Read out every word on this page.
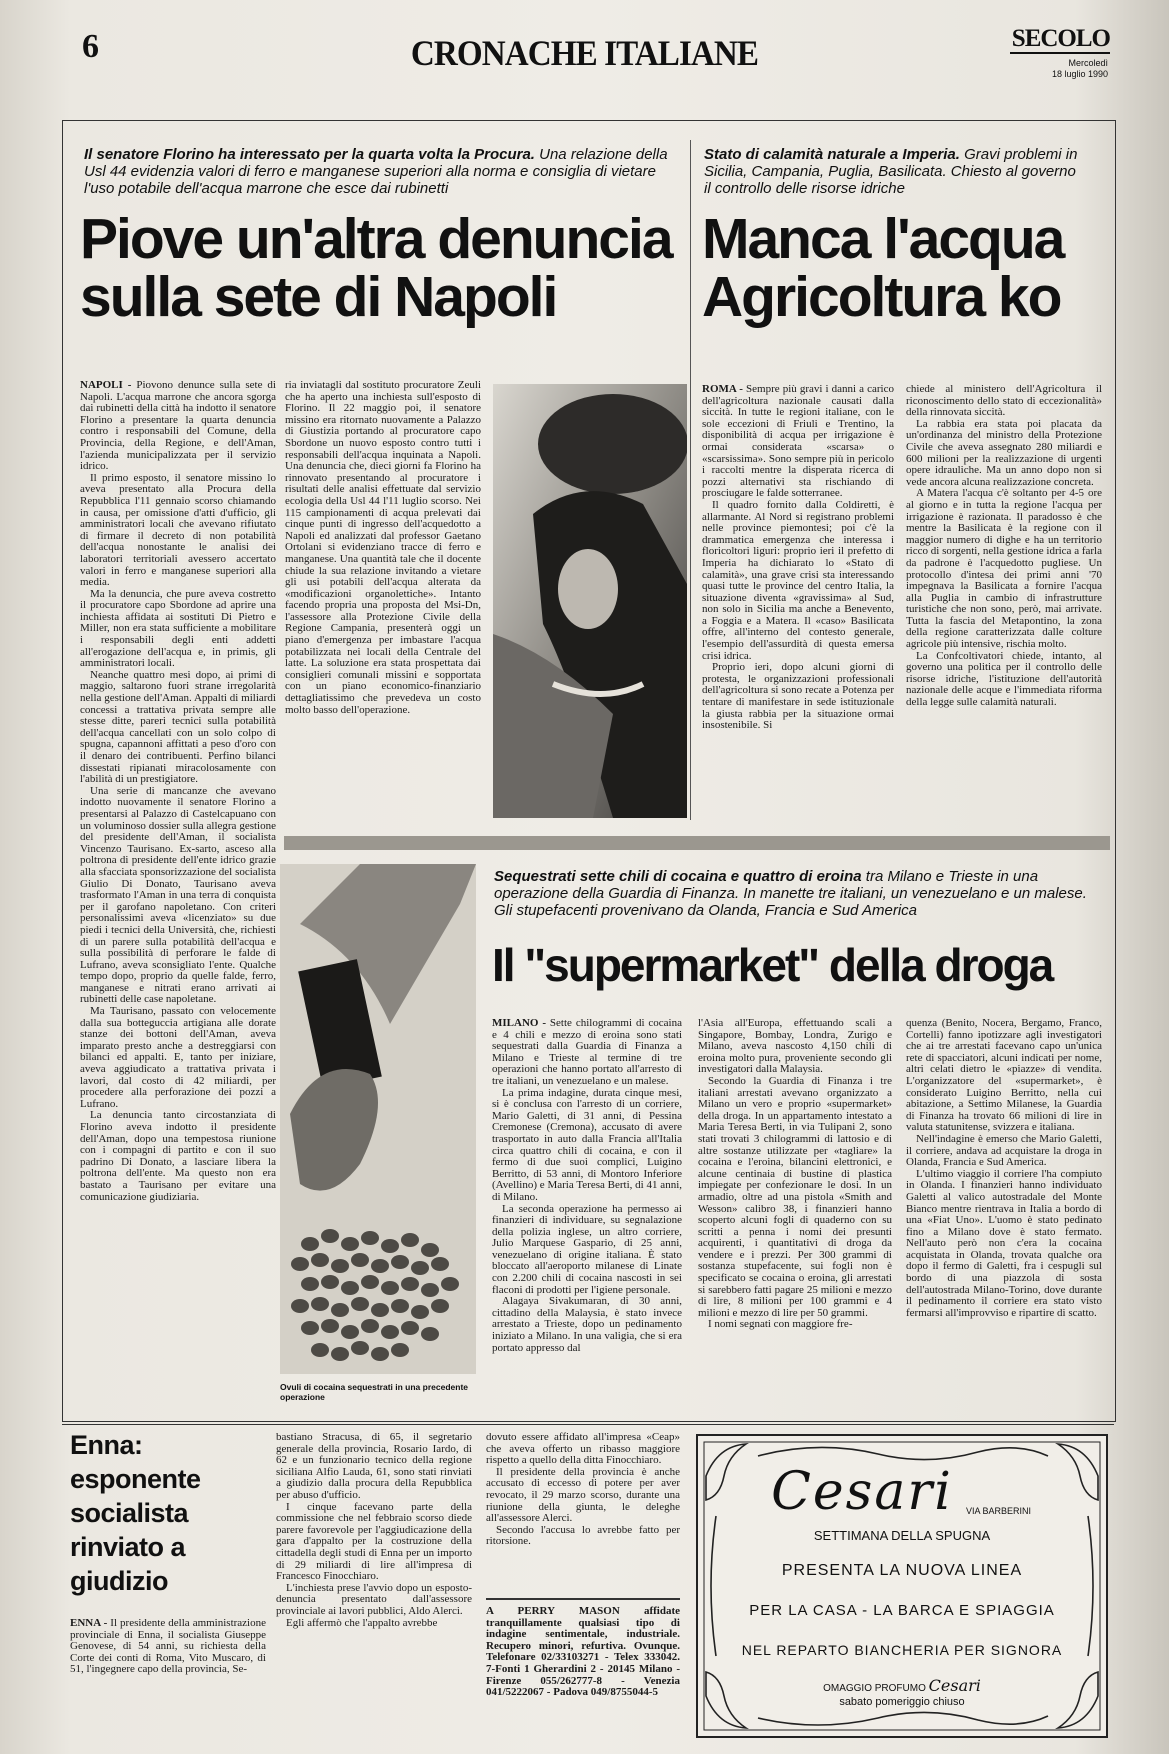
6	CRONACHE ITALIANE	SECOLO
Mercoledì
18 luglio 1990
Il senatore Florino ha interessato per la quarta volta la Procura. Una relazione della Usl 44 evidenzia valori di ferro e manganese superiori alla norma e consiglia di vietare l'uso potabile dell'acqua marrone che esce dai rubinetti
Piove un'altra denuncia sulla sete di Napoli

NAPOLI - Piovono denunce sulla sete di Napoli. L'acqua marrone che ancora sgorga dai rubinetti della città ha indotto il senatore Florino a presentare la quarta denuncia contro i responsabili del Comune, della Provincia, della Regione, e dell'Aman, l'azienda municipalizzata per il servizio idrico.

Il primo esposto, il senatore missino lo aveva presentato alla Procura della Repubblica l'11 gennaio scorso chiamando in causa, per omissione d'atti d'ufficio, gli amministratori locali che avevano rifiutato di firmare il decreto di non potabilità dell'acqua nonostante le analisi dei laboratori territoriali avessero accertato valori in ferro e manganese superiori alla media.

Ma la denuncia, che pure aveva costretto il procuratore capo Sbordone ad aprire una inchiesta affidata ai sostituti Di Pietro e Miller, non era stata sufficiente a mobilitare i responsabili degli enti addetti all'erogazione dell'acqua e, in primis, gli amministratori locali.

Neanche quattro mesi dopo, ai primi di maggio, saltarono fuori strane irregolarità nella gestione dell'Aman. Appalti di miliardi concessi a trattativa privata sempre alle stesse ditte, pareri tecnici sulla potabilità dell'acqua cancellati con un solo colpo di spugna, capannoni affittati a peso d'oro con il denaro dei contribuenti. Perfino bilanci dissestati ripianati miracolosamente con l'abilità di un prestigiatore.

Una serie di mancanze che avevano indotto nuovamente il senatore Florino a presentarsi al Palazzo di Castelcapuano con un voluminoso dossier sulla allegra gestione del presidente dell'Aman, il socialista Vincenzo Taurisano. Ex-sarto, asceso alla poltrona di presidente dell'ente idrico grazie alla sfacciata sponsorizzazione del socialista Giulio Di Donato, Taurisano aveva trasformato l'Aman in una terra di conquista per il garofano napoletano. Con criteri personalissimi aveva «licenziato» su due piedi i tecnici della Università, che, richiesti di un parere sulla potabilità dell'acqua e sulla possibilità di perforare le falde di Lufrano, aveva sconsigliato l'ente. Qualche tempo dopo, proprio da quelle falde, ferro, manganese e nitrati erano arrivati ai rubinetti delle case napoletane.

Ma Taurisano, passato con velocemente dalla sua botteguccia artigiana alle dorate stanze dei bottoni dell'Aman, aveva imparato presto anche a destreggiarsi con bilanci ed appalti. E, tanto per iniziare, aveva aggiudicato a trattativa privata i lavori, dal costo di 42 miliardi, per procedere alla perforazione dei pozzi a Lufrano.

La denuncia tanto circostanziata di Florino aveva indotto il presidente dell'Aman, dopo una tempestosa riunione con i compagni di partito e con il suo padrino Di Donato, a lasciare libera la poltrona dell'ente. Ma questo non era bastato a Taurisano per evitare una comunicazione giudiziaria.

ria inviatagli dal sostituto procuratore Zeuli che ha aperto una inchiesta sull'esposto di Florino. Il 22 maggio poi, il senatore missino era ritornato nuovamente a Palazzo di Giustizia portando al procuratore capo Sbordone un nuovo esposto contro tutti i responsabili dell'acqua inquinata a Napoli. Una denuncia che, dieci giorni fa Florino ha rinnovato presentando al procuratore i risultati delle analisi effettuate dal servizio ecologia della Usl 44 l'11 luglio scorso. Nei 115 campionamenti di acqua prelevati dai cinque punti di ingresso dell'acquedotto a Napoli ed analizzati dal professor Gaetano Ortolani si evidenziano tracce di ferro e manganese. Una quantità tale che il docente chiude la sua relazione invitando a vietare gli usi potabili dell'acqua alterata da «modificazioni organolettiche». Intanto facendo propria una proposta del Msi-Dn, l'assessore alla Protezione Civile della Regione Campania, presenterà oggi un piano d'emergenza per imbastare l'acqua potabilizzata nei locali della Centrale del latte. La soluzione era stata prospettata dai consiglieri comunali missini e sopportata con un piano economico-finanziario dettagliatissimo che prevedeva un costo molto basso dell'operazione.

Stato di calamità naturale a Imperia. Gravi problemi in Sicilia, Campania, Puglia, Basilicata. Chiesto al governo il controllo delle risorse idriche
Manca l'acqua Agricoltura ko

ROMA - Sempre più gravi i danni a carico dell'agricoltura nazionale causati dalla siccità. In tutte le regioni italiane, con le sole eccezioni di Friuli e Trentino, la disponibilità di acqua per irrigazione è ormai considerata «scarsa» o «scarsissima». Sono sempre più in pericolo i raccolti mentre la disperata ricerca di pozzi alternativi sta rischiando di prosciugare le falde sotterranee.

Il quadro fornito dalla Coldiretti, è allarmante. Al Nord si registrano problemi nelle province piemontesi; poi c'è la drammatica emergenza che interessa i floricoltori liguri: proprio ieri il prefetto di Imperia ha dichiarato lo «Stato di calamità», una grave crisi sta interessando quasi tutte le province del centro Italia, la situazione diventa «gravissima» al Sud, non solo in Sicilia ma anche a Benevento, a Foggia e a Matera. Il «caso» Basilicata offre, all'interno del contesto generale, l'esempio dell'assurdità di questa emersa crisi idrica.

Proprio ieri, dopo alcuni giorni di protesta, le organizzazioni professionali dell'agricoltura si sono recate a Potenza per tentare di manifestare in sede istituzionale la giusta rabbia per la situazione ormai insostenibile. Si

chiede al ministero dell'Agricoltura il riconoscimento dello stato di eccezionalità» della rinnovata siccità.

La rabbia era stata poi placata da un'ordinanza del ministro della Protezione Civile che aveva assegnato 280 miliardi e 600 milioni per la realizzazione di urgenti opere idrauliche. Ma un anno dopo non si vede ancora alcuna realizzazione concreta.

A Matera l'acqua c'è soltanto per 4-5 ore al giorno e in tutta la regione l'acqua per irrigazione è razionata. Il paradosso è che mentre la Basilicata è la regione con il maggior numero di dighe e ha un territorio ricco di sorgenti, nella gestione idrica a farla da padrone è l'acquedotto pugliese. Un protocollo d'intesa dei primi anni '70 impegnava la Basilicata a fornire l'acqua alla Puglia in cambio di infrastrutture turistiche che non sono, però, mai arrivate. Tutta la fascia del Metapontino, la zona della regione caratterizzata dalle colture agricole più intensive, rischia molto.

La Confcoltivatori chiede, intanto, al governo una politica per il controllo delle risorse idriche, l'istituzione dell'autorità nazionale delle acque e l'immediata riforma della legge sulle calamità naturali.

Ovuli di cocaina sequestrati in una precedente operazione
Sequestrati sette chili di cocaina e quattro di eroina tra Milano e Trieste in una operazione della Guardia di Finanza. In manette tre italiani, un venezuelano e un malese. Gli stupefacenti provenivano da Olanda, Francia e Sud America
Il "supermarket" della droga

MILANO - Sette chilogrammi di cocaina e 4 chili e mezzo di eroina sono stati sequestrati dalla Guardia di Finanza a Milano e Trieste al termine di tre operazioni che hanno portato all'arresto di tre italiani, un venezuelano e un malese.

La prima indagine, durata cinque mesi, si è conclusa con l'arresto di un corriere, Mario Galetti, di 31 anni, di Pessina Cremonese (Cremona), accusato di avere trasportato in auto dalla Francia all'Italia circa quattro chili di cocaina, e con il fermo di due suoi complici, Luigino Berritto, di 53 anni, di Montoro Inferiore (Avellino) e Maria Teresa Berti, di 41 anni, di Milano.

La seconda operazione ha permesso ai finanzieri di individuare, su segnalazione della polizia inglese, un altro corriere, Julio Marquese Gaspario, di 25 anni, venezuelano di origine italiana. È stato bloccato all'aeroporto milanese di Linate con 2.200 chili di cocaina nascosti in sei flaconi di prodotti per l'igiene personale.

Alagaya Sivakumaran, di 30 anni, cittadino della Malaysia, è stato invece arrestato a Trieste, dopo un pedinamento iniziato a Milano. In una valigia, che si era portato appresso dal

l'Asia all'Europa, effettuando scali a Singapore, Bombay, Londra, Zurigo e Milano, aveva nascosto 4,150 chili di eroina molto pura, proveniente secondo gli investigatori dalla Malaysia.

Secondo la Guardia di Finanza i tre italiani arrestati avevano organizzato a Milano un vero e proprio «supermarket» della droga. In un appartamento intestato a Maria Teresa Berti, in via Tulipani 2, sono stati trovati 3 chilogrammi di lattosio e di altre sostanze utilizzate per «tagliare» la cocaina e l'eroina, bilancini elettronici, e alcune centinaia di bustine di plastica impiegate per confezionare le dosi. In un armadio, oltre ad una pistola «Smith and Wesson» calibro 38, i finanzieri hanno scoperto alcuni fogli di quaderno con su scritti a penna i nomi dei presunti acquirenti, i quantitativi di droga da vendere e i prezzi. Per 300 grammi di sostanza stupefacente, sui fogli non è specificato se cocaina o eroina, gli arrestati si sarebbero fatti pagare 25 milioni e mezzo di lire, 8 milioni per 100 grammi e 4 milioni e mezzo di lire per 50 grammi.

I nomi segnati con maggiore fre-

quenza (Benito, Nocera, Bergamo, Franco, Cortelli) fanno ipotizzare agli investigatori che ai tre arrestati facevano capo un'unica rete di spacciatori, alcuni indicati per nome, altri celati dietro le «piazze» di vendita. L'organizzatore del «supermarket», è considerato Luigino Berritto, nella cui abitazione, a Settimo Milanese, la Guardia di Finanza ha trovato 66 milioni di lire in valuta statunitense, svizzera e italiana.

Nell'indagine è emerso che Mario Galetti, il corriere, andava ad acquistare la droga in Olanda, Francia e Sud America.

L'ultimo viaggio il corriere l'ha compiuto in Olanda. I finanzieri hanno individuato Galetti al valico autostradale del Monte Bianco mentre rientrava in Italia a bordo di una «Fiat Uno». L'uomo è stato pedinato fino a Milano dove è stato fermato. Nell'auto però non c'era la cocaina acquistata in Olanda, trovata qualche ora dopo il fermo di Galetti, fra i cespugli sul bordo di una piazzola di sosta dell'autostrada Milano-Torino, dove durante il pedinamento il corriere era stato visto fermarsi all'improvviso e ripartire di scatto.

Enna: esponente socialista rinviato a giudizio

ENNA - Il presidente della amministrazione provinciale di Enna, il socialista Giuseppe Genovese, di 54 anni, su richiesta della Corte dei conti di Roma, Vito Muscaro, di 51, l'ingegnere capo della provincia, Se-

bastiano Stracusa, di 65, il segretario generale della provincia, Rosario Iardo, di 62 e un funzionario tecnico della regione siciliana Alfio Lauda, 61, sono stati rinviati a giudizio dalla procura della Repubblica per abuso d'ufficio.

I cinque facevano parte della commissione che nel febbraio scorso diede parere favorevole per l'aggiudicazione della gara d'appalto per la costruzione della cittadella degli studi di Enna per un importo di 29 miliardi di lire all'impresa di Francesco Finocchiaro.

L'inchiesta prese l'avvio dopo un esposto-denuncia presentato dall'assessore provinciale ai lavori pubblici, Aldo Alerci.

Egli affermò che l'appalto avrebbe

dovuto essere affidato all'impresa «Ceap» che aveva offerto un ribasso maggiore rispetto a quello della ditta Finocchiaro.

Il presidente della provincia è anche accusato di eccesso di potere per aver revocato, il 29 marzo scorso, durante una riunione della giunta, le deleghe all'assessore Alerci.

Secondo l'accusa lo avrebbe fatto per ritorsione.

A PERRY MASON affidate tranquillamente qualsiasi tipo di indagine sentimentale, industriale. Recupero minori, refurtiva. Ovunque. Telefonare 02/33103271 - Telex 333042. 7-Fonti 1 Gherardini 2 - 20145 Milano - Firenze 055/262777-8 - Venezia 041/5222067 - Padova 049/8755044-5

Cesari	VIA BARBERINI
SETTIMANA DELLA SPUGNA
PRESENTA LA NUOVA LINEA
PER LA CASA - LA BARCA E SPIAGGIA
NEL REPARTO BIANCHERIA PER SIGNORA
OMAGGIO PROFUMO Cesari
sabato pomeriggio chiuso
